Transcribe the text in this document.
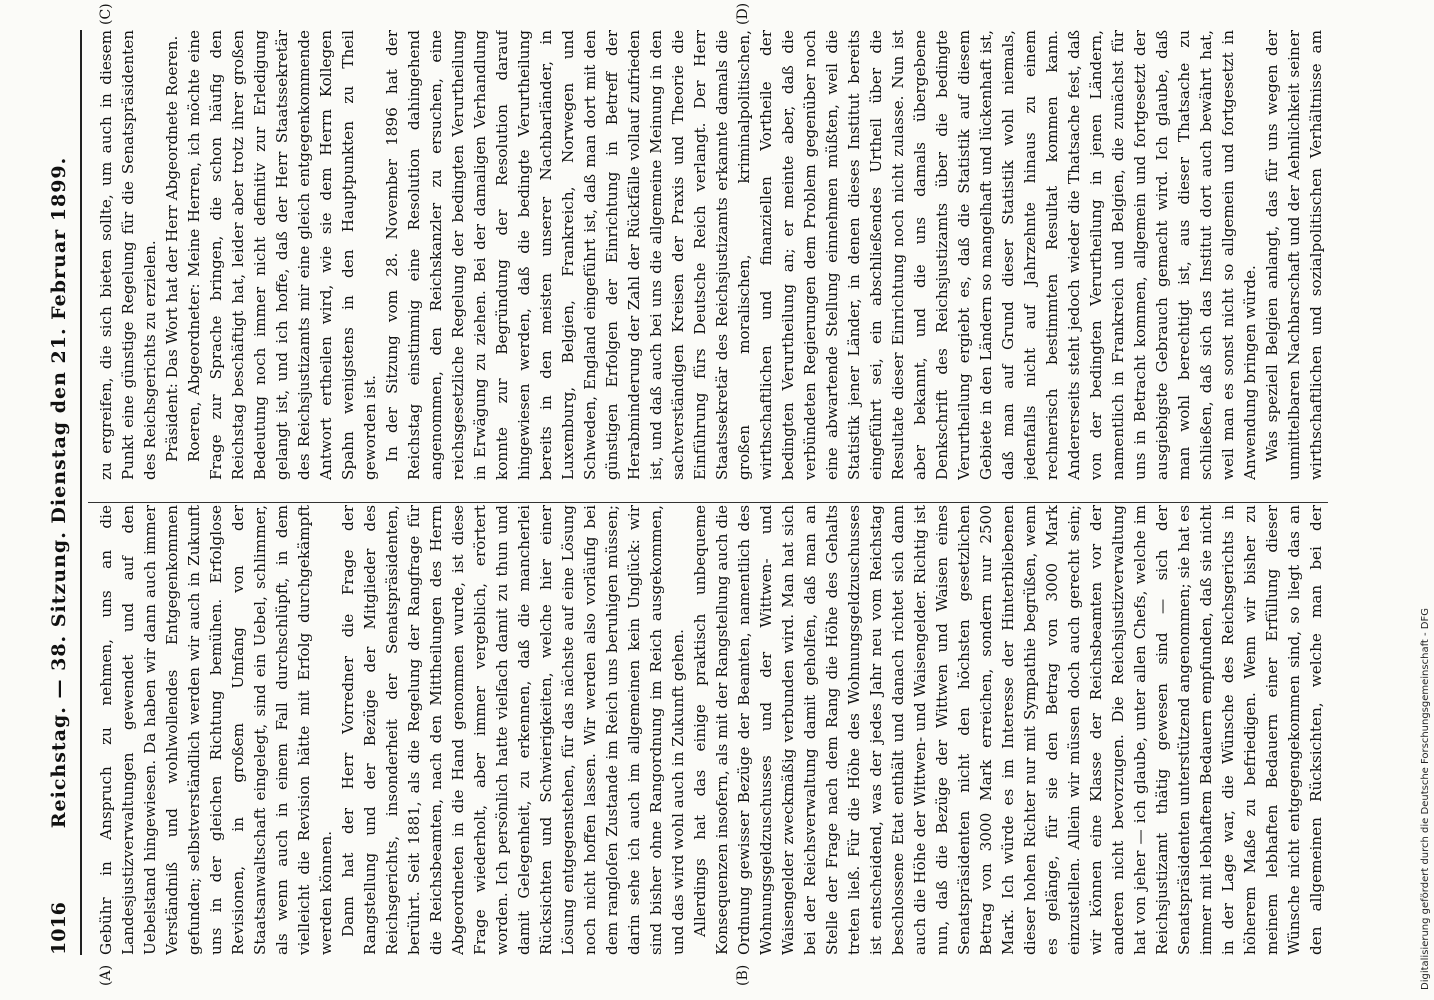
1016
Reichstag. — 38. Sitzung. Dienstag den 21. Februar 1899.
(A)	(B)
(C)	(D)

Gebühr in Anspruch zu nehmen, uns an die Landesjustizverwaltungen gewendet und auf den Uebelstand hingewiesen. Da haben wir dann auch immer Verständniß und wohlwollendes Entgegenkommen gefunden; selbstverständlich werden wir auch in Zukunft uns in der gleichen Richtung bemühen. Erfolglose Revisionen, in großem Umfang von der Staatsanwaltschaft eingelegt, sind ein Uebel, schlimmer, als wenn auch in einem Fall durchschlüpft, in dem vielleicht die Revision hätte mit Erfolg durchgekämpft werden können. Dann hat der Herr Vorredner die Frage der Rangstellung und der Bezüge der Mitglieder des Reichsgerichts, insonderheit der Senatspräsidenten, berührt. Seit 1881, als die Regelung der Rangfrage für die Reichsbeamten, nach den Mittheilungen des Herrn Abgeordneten in die Hand genommen wurde, ist diese Frage wiederholt, aber immer vergeblich, erörtert worden. Ich persönlich hatte vielfach damit zu thun und damit Gelegenheit, zu erkennen, daß die mancherlei Rücksichten und Schwierigkeiten, welche hier einer Lösung entgegenstehen, für das nächste auf eine Lösung noch nicht hoffen lassen. Wir werden also vorläufig bei dem rangloſen Zustande im Reich uns beruhigen müssen; darin sehe ich auch im allgemeinen kein Unglück: wir sind bisher ohne Rangordnung im Reich ausgekommen, und das wird wohl auch in Zukunft gehen. Allerdings hat das einige praktisch unbequeme Konsequenzen insofern, als mit der Rangstellung auch die Ordnung gewisser Bezüge der Beamten, namentlich des Wohnungsgeldzuschusses und der Wittwen- und Waisengelder zweckmäßig verbunden wird. Man hat sich bei der Reichsverwaltung damit geholfen, daß man an Stelle der Frage nach dem Rang die Höhe des Gehalts treten ließ. Für die Höhe des Wohnungsgeldzuschusses ist entscheidend, was der jedes Jahr neu vom Reichstag beschlossene Etat enthält und danach richtet sich dann auch die Höhe der Wittwen- und Waisengelder. Richtig ist nun, daß die Bezüge der Wittwen und Waisen eines Senatspräsidenten nicht den höchsten gesetzlichen Betrag von 3000 Mark erreichen, sondern nur 2500 Mark. Ich würde es im Interesse der Hinterbliebenen dieser hohen Richter nur mit Sympathie begrüßen, wenn es gelänge, für sie den Betrag von 3000 Mark einzustellen. Allein wir müssen doch auch gerecht sein; wir können eine Klasse der Reichsbeamten vor der anderen nicht bevorzugen. Die Reichsjustizverwaltung hat von jeher — ich glaube, unter allen Chefs, welche im Reichsjustizamt thätig gewesen sind — sich der Senatspräsidenten unterstützend angenommen; sie hat es immer mit lebhaftem Bedauern empfunden, daß sie nicht in der Lage war, die Wünsche des Reichsgerichts in höherem Maße zu befriedigen. Wenn wir bisher zu meinem lebhaften Bedauern einer Erfüllung dieser Wünsche nicht entgegengekommen sind, so liegt das an den allgemeinen Rücksichten, welche man bei der

zu ergreifen, die sich bieten sollte, um auch in diesem Punkt eine günstige Regelung für die Senatspräsidenten des Reichsgerichts zu erzielen. Präsident: Das Wort hat der Herr Abgeordnete Roeren. Roeren, Abgeordneter: Meine Herren, ich möchte eine Frage zur Sprache bringen, die schon häufig den Reichstag beschäftigt hat, leider aber trotz ihrer großen Bedeutung noch immer nicht definitiv zur Erledigung gelangt ist, und ich hoffe, daß der Herr Staatssekretär des Reichsjustizamts mir eine gleich entgegenkommende Antwort ertheilen wird, wie sie dem Herrn Kollegen Spahn wenigstens in den Hauptpunkten zu Theil geworden ist. In der Sitzung vom 28. November 1896 hat der Reichstag einstimmig eine Resolution dahingehend angenommen, den Reichskanzler zu ersuchen, eine reichsgesetzliche Regelung der bedingten Verurtheilung in Erwägung zu ziehen. Bei der damaligen Verhandlung konnte zur Begründung der Resolution darauf hingewiesen werden, daß die bedingte Verurtheilung bereits in den meisten unserer Nachbarländer, in Luxemburg, Belgien, Frankreich, Norwegen und Schweden, England eingeführt ist, daß man dort mit den günstigen Erfolgen der Einrichtung in Betreff der Herabminderung der Zahl der Rückfälle vollauf zufrieden ist, und daß auch bei uns die allgemeine Meinung in den sachverständigen Kreisen der Praxis und Theorie die Einführung fürs Deutsche Reich verlangt. Der Herr Staatssekretär des Reichsjustizamts erkannte damals die großen moralischen, kriminalpolitischen, wirthschaftlichen und finanziellen Vortheile der bedingten Verurtheilung an; er meinte aber, daß die verbündeten Regierungen dem Problem gegenüber noch eine abwartende Stellung einnehmen müßten, weil die Statistik jener Länder, in denen dieses Institut bereits eingeführt sei, ein abschließendes Urtheil über die Resultate dieser Einrichtung noch nicht zulasse. Nun ist aber bekannt, und die uns damals übergebene Denkschrift des Reichsjustizamts über die bedingte Verurtheilung ergiebt es, daß die Statistik auf diesem Gebiete in den Ländern so mangelhaft und lückenhaft ist, daß man auf Grund dieser Statistik wohl niemals, jedenfalls nicht auf Jahrzehnte hinaus zu einem rechnerisch bestimmten Resultat kommen kann. Andererseits steht jedoch wieder die Thatsache fest, daß von der bedingten Verurtheilung in jenen Ländern, namentlich in Frankreich und Belgien, die zunächst für uns in Betracht kommen, allgemein und fortgesetzt der ausgiebigste Gebrauch gemacht wird. Ich glaube, daß man wohl berechtigt ist, aus dieser Thatsache zu schließen, daß sich das Institut dort auch bewährt hat, weil man es sonst nicht so allgemein und fortgesetzt in Anwendung bringen würde. Was speziell Belgien anlangt, das für uns wegen der unmittelbaren Nachbarschaft und der Aehnlichkeit seiner wirthschaftlichen und sozialpolitischen Verhältnisse am

Digitalisierung gefördert durch die Deutsche Forschungsgemeinschaft - DFG
